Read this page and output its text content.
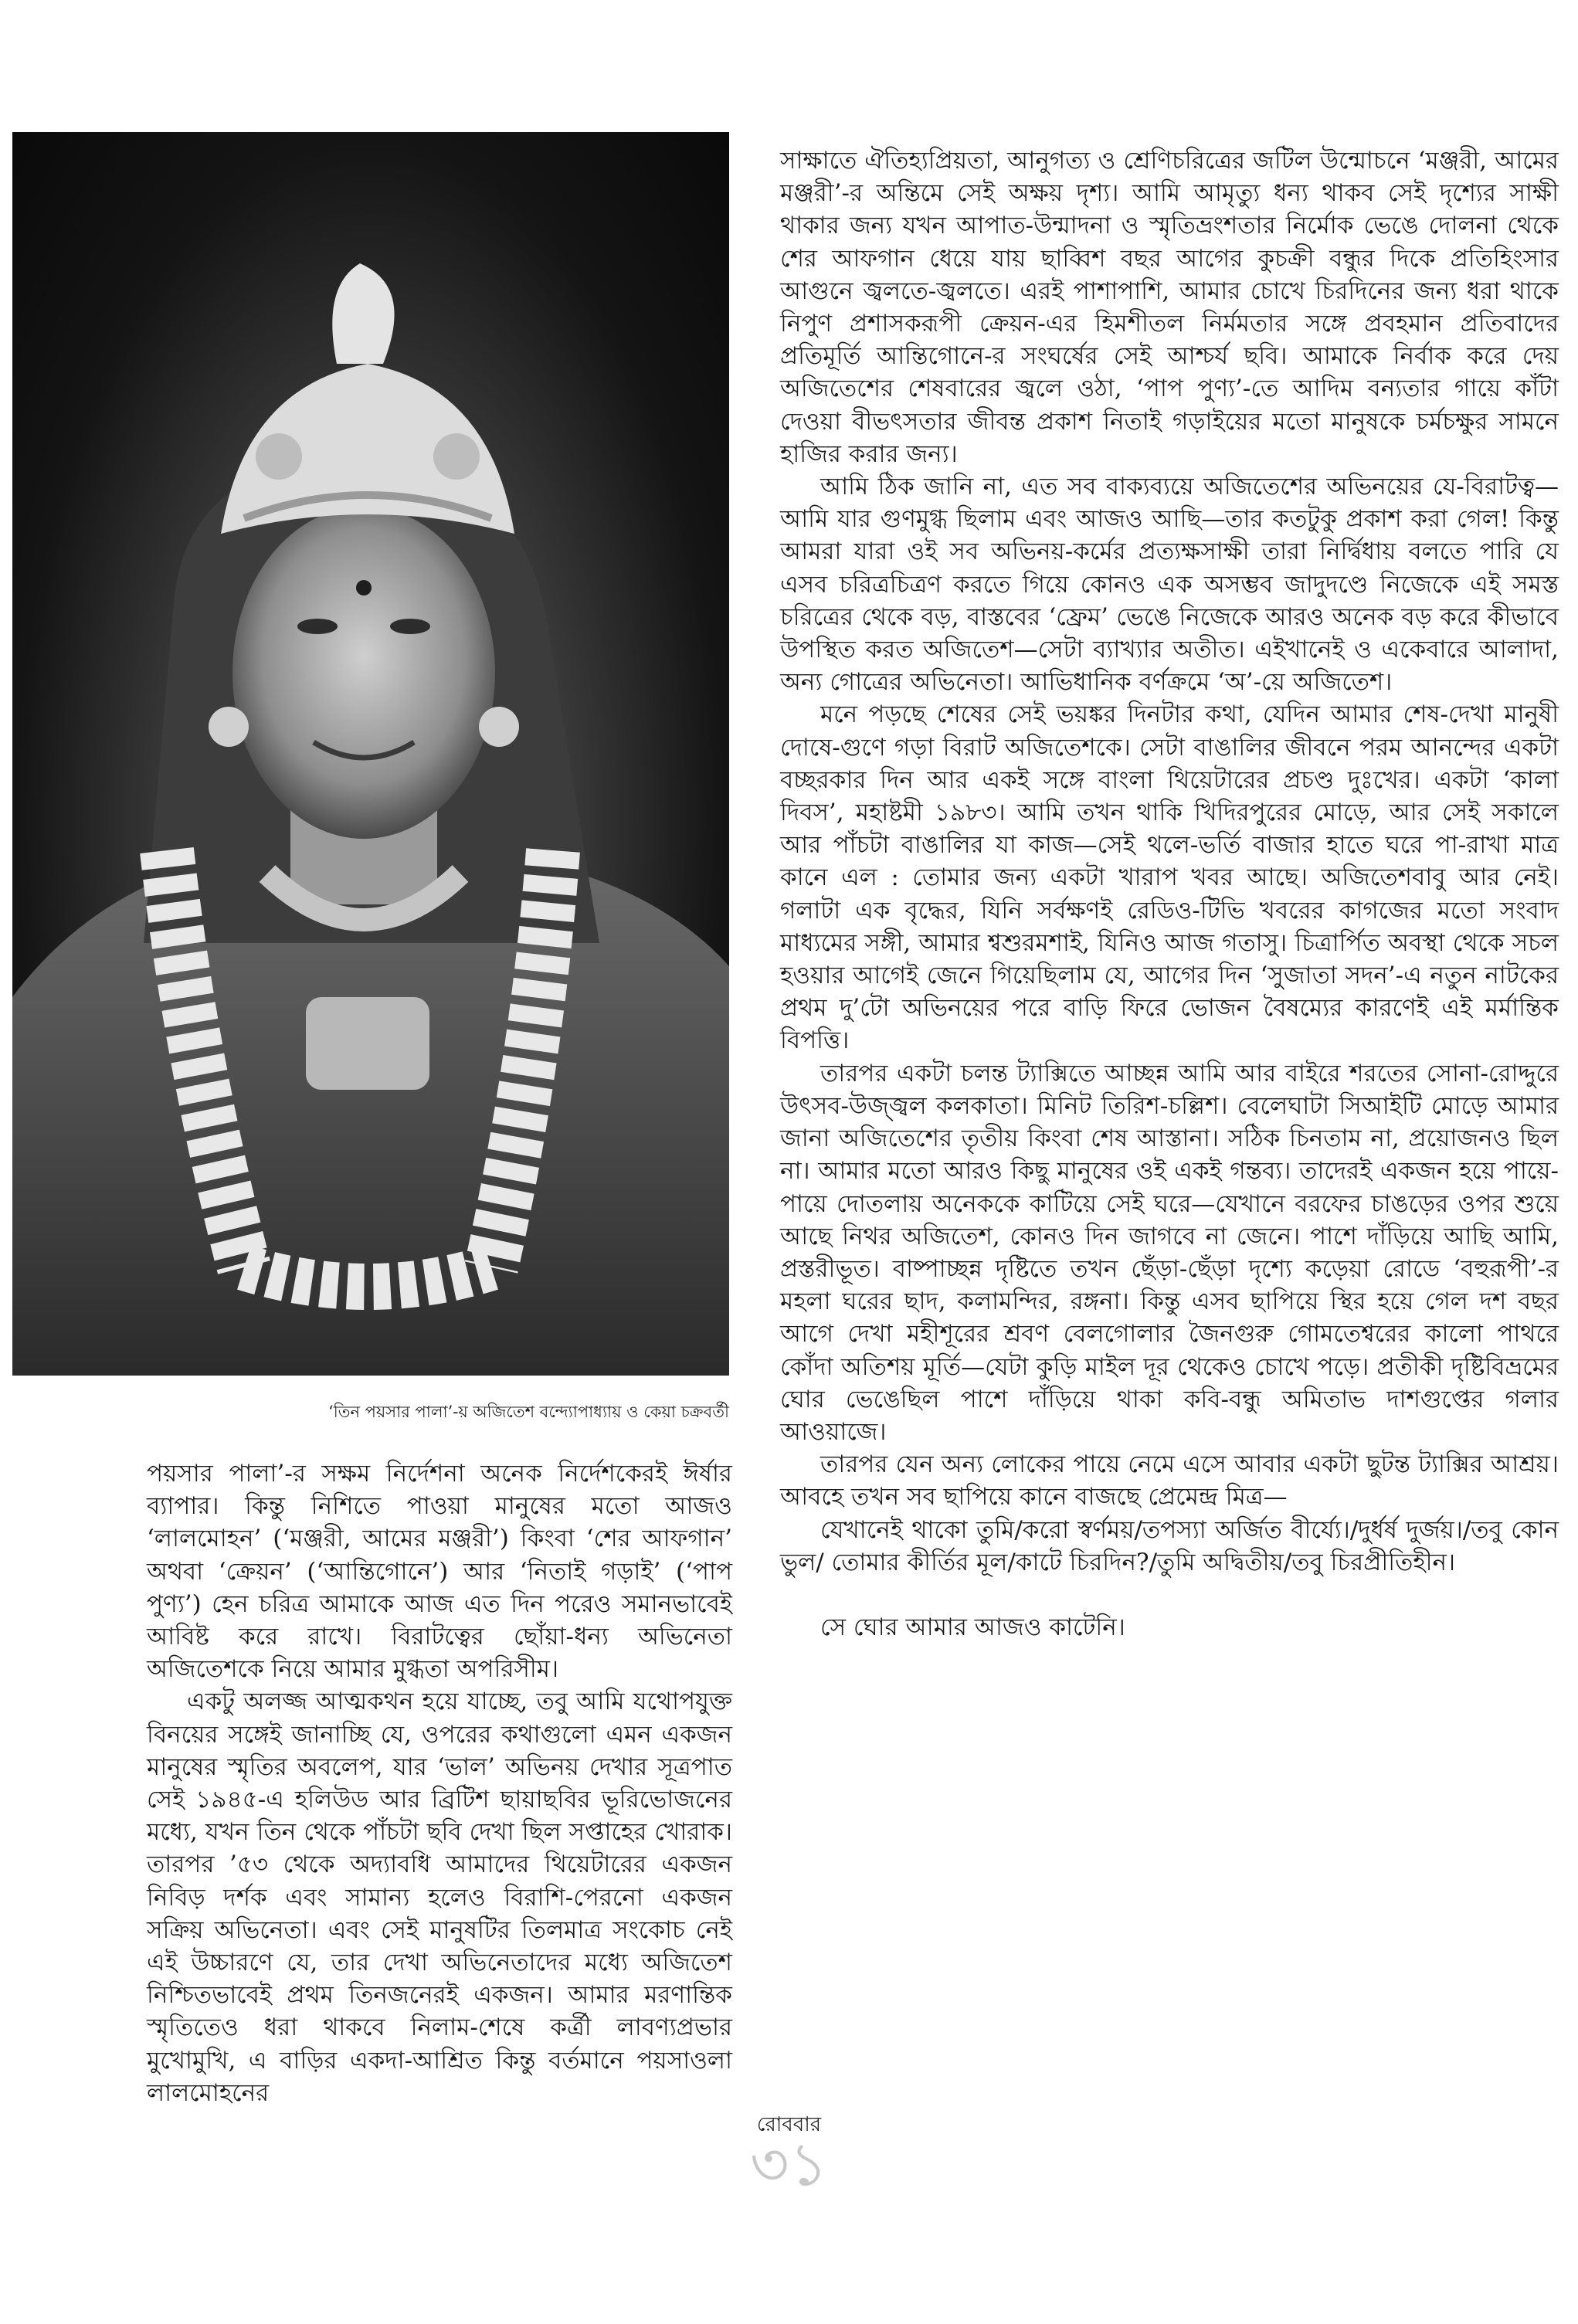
‘তিন পয়সার পালা’-য় অজিতেশ বন্দ্যোপাধ্যায় ও কেয়া চক্রবর্তী

সাক্ষাতে ঐতিহ্যপ্রিয়তা, আনুগত্য ও শ্রেণিচরিত্রের জটিল উন্মোচনে ‘মঞ্জরী, আমের মঞ্জরী’-র অন্তিমে সেই অক্ষয় দৃশ্য। আমি আমৃত্যু ধন্য থাকব সেই দৃশ্যের সাক্ষী থাকার জন্য যখন আপাত-উন্মাদনা ও স্মৃতিভ্রংশতার নির্মোক ভেঙে দোলনা থেকে শের আফগান ধেয়ে যায় ছাব্বিশ বছর আগের কুচক্রী বন্ধুর দিকে প্রতিহিংসার আগুনে জ্বলতে-জ্বলতে। এরই পাশাপাশি, আমার চোখে চিরদিনের জন্য ধরা থাকে নিপুণ প্রশাসকরূপী ক্রেয়ন-এর হিমশীতল নির্মমতার সঙ্গে প্রবহমান প্রতিবাদের প্রতিমূর্তি আন্তিগোনে-র সংঘর্ষের সেই আশ্চর্য ছবি। আমাকে নির্বাক করে দেয় অজিতেশের শেষবারের জ্বলে ওঠা, ‘পাপ পুণ্য’-তে আদিম বন্যতার গায়ে কাঁটা দেওয়া বীভৎসতার জীবন্ত প্রকাশ নিতাই গড়াইয়ের মতো মানুষকে চর্মচক্ষুর সামনে হাজির করার জন্য।

আমি ঠিক জানি না, এত সব বাক্যব্যয়ে অজিতেশের অভিনয়ের যে-বিরাটত্ব—আমি যার গুণমুগ্ধ ছিলাম এবং আজও আছি—তার কতটুকু প্রকাশ করা গেল! কিন্তু আমরা যারা ওই সব অভিনয়-কর্মের প্রত্যক্ষসাক্ষী তারা নির্দ্বিধায় বলতে পারি যে এসব চরিত্রচিত্রণ করতে গিয়ে কোনও এক অসম্ভব জাদুদণ্ডে নিজেকে এই সমস্ত চরিত্রের থেকে বড়, বাস্তবের ‘ফ্রেম’ ভেঙে নিজেকে আরও অনেক বড় করে কীভাবে উপস্থিত করত অজিতেশ—সেটা ব্যাখ্যার অতীত। এইখানেই ও একেবারে আলাদা, অন্য গোত্রের অভিনেতা। আভিধানিক বর্ণক্রমে ‘অ’-য়ে অজিতেশ।

মনে পড়ছে শেষের সেই ভয়ঙ্কর দিনটার কথা, যেদিন আমার শেষ-দেখা মানুষী দোষে-গুণে গড়া বিরাট অজিতেশকে। সেটা বাঙালির জীবনে পরম আনন্দের একটা বচ্ছরকার দিন আর একই সঙ্গে বাংলা থিয়েটারের প্রচণ্ড দুঃখের। একটা ‘কালা দিবস’, মহাষ্টমী ১৯৮৩। আমি তখন থাকি খিদিরপুরের মোড়ে, আর সেই সকালে আর পাঁচটা বাঙালির যা কাজ—সেই থলে-ভর্তি বাজার হাতে ঘরে পা-রাখা মাত্র কানে এল : তোমার জন্য একটা খারাপ খবর আছে। অজিতেশবাবু আর নেই। গলাটা এক বৃদ্ধের, যিনি সর্বক্ষণই রেডিও-টিভি খবরের কাগজের মতো সংবাদ মাধ্যমের সঙ্গী, আমার শ্বশুরমশাই, যিনিও আজ গতাসু। চিত্রার্পিত অবস্থা থেকে সচল হওয়ার আগেই জেনে গিয়েছিলাম যে, আগের দিন ‘সুজাতা সদন’-এ নতুন নাটকের প্রথম দু’টো অভিনয়ের পরে বাড়ি ফিরে ভোজন বৈষম্যের কারণেই এই মর্মান্তিক বিপত্তি।

তারপর একটা চলন্ত ট্যাক্সিতে আচ্ছন্ন আমি আর বাইরে শরতের সোনা-রোদ্দুরে উৎসব-উজ্জ্বল কলকাতা। মিনিট তিরিশ-চল্লিশ। বেলেঘাটা সিআইটি মোড়ে আমার জানা অজিতেশের তৃতীয় কিংবা শেষ আস্তানা। সঠিক চিনতাম না, প্রয়োজনও ছিল না। আমার মতো আরও কিছু মানুষের ওই একই গন্তব্য। তাদেরই একজন হয়ে পায়ে-পায়ে দোতলায় অনেককে কাটিয়ে সেই ঘরে—যেখানে বরফের চাঙড়ের ওপর শুয়ে আছে নিথর অজিতেশ, কোনও দিন জাগবে না জেনে। পাশে দাঁড়িয়ে আছি আমি, প্রস্তরীভূত। বাষ্পাচ্ছন্ন দৃষ্টিতে তখন ছেঁড়া-ছেঁড়া দৃশ্যে কড়েয়া রোডে ‘বহুরূপী’-র মহলা ঘরের ছাদ, কলামন্দির, রঙ্গনা। কিন্তু এসব ছাপিয়ে স্থির হয়ে গেল দশ বছর আগে দেখা মহীশূরের শ্রবণ বেলগোলার জৈনগুরু গোমতেশ্বরের কালো পাথরে কোঁদা অতিশয় মূর্তি—যেটা কুড়ি মাইল দূর থেকেও চোখে পড়ে। প্রতীকী দৃষ্টিবিভ্রমের ঘোর ভেঙেছিল পাশে দাঁড়িয়ে থাকা কবি-বন্ধু অমিতাভ দাশগুপ্তের গলার আওয়াজে।

তারপর যেন অন্য লোকের পায়ে নেমে এসে আবার একটা ছুটন্ত ট্যাক্সির আশ্রয়। আবহে তখন সব ছাপিয়ে কানে বাজছে প্রেমেন্দ্র মিত্র—

যেখানেই থাকো তুমি/করো স্বর্ণময়/তপস্যা অর্জিত বীর্য্যে।/দুর্ধর্ষ দুর্জয়।/তবু কোন ভুল/ তোমার কীর্তির মূল/কাটে চিরদিন?/তুমি অদ্বিতীয়/তবু চিরপ্রীতিহীন।

সে ঘোর আমার আজও কাটেনি।

পয়সার পালা’-র সক্ষম নির্দেশনা অনেক নির্দেশকেরই ঈর্ষার ব্যাপার। কিন্তু নিশিতে পাওয়া মানুষের মতো আজও ‘লালমোহন’ (‘মঞ্জরী, আমের মঞ্জরী’) কিংবা ‘শের আফগান’ অথবা ‘ক্রেয়ন’ (‘আন্তিগোনে’) আর ‘নিতাই গড়াই’ (‘পাপ পুণ্য’) হেন চরিত্র আমাকে আজ এত দিন পরেও সমানভাবেই আবিষ্ট করে রাখে। বিরাটত্বের ছোঁয়া-ধন্য অভিনেতা অজিতেশকে নিয়ে আমার মুগ্ধতা অপরিসীম।

একটু অলজ্জ আত্মকথন হয়ে যাচ্ছে, তবু আমি যথোপযুক্ত বিনয়ের সঙ্গেই জানাচ্ছি যে, ওপরের কথাগুলো এমন একজন মানুষের স্মৃতির অবলেপ, যার ‘ভাল’ অভিনয় দেখার সূত্রপাত সেই ১৯৪৫-এ হলিউড আর ব্রিটিশ ছায়াছবির ভূরিভোজনের মধ্যে, যখন তিন থেকে পাঁচটা ছবি দেখা ছিল সপ্তাহের খোরাক। তারপর ’৫৩ থেকে অদ্যাবধি আমাদের থিয়েটারের একজন নিবিড় দর্শক এবং সামান্য হলেও বিরাশি-পেরনো একজন সক্রিয় অভিনেতা। এবং সেই মানুষটির তিলমাত্র সংকোচ নেই এই উচ্চারণে যে, তার দেখা অভিনেতাদের মধ্যে অজিতেশ নিশ্চিতভাবেই প্রথম তিনজনেরই একজন। আমার মরণান্তিক স্মৃতিতেও ধরা থাকবে নিলাম-শেষে কর্ত্রী লাবণ্যপ্রভার মুখোমুখি, এ বাড়ির একদা-আশ্রিত কিন্তু বর্তমানে পয়সাওলা লালমোহনের

রোববার
৩১
